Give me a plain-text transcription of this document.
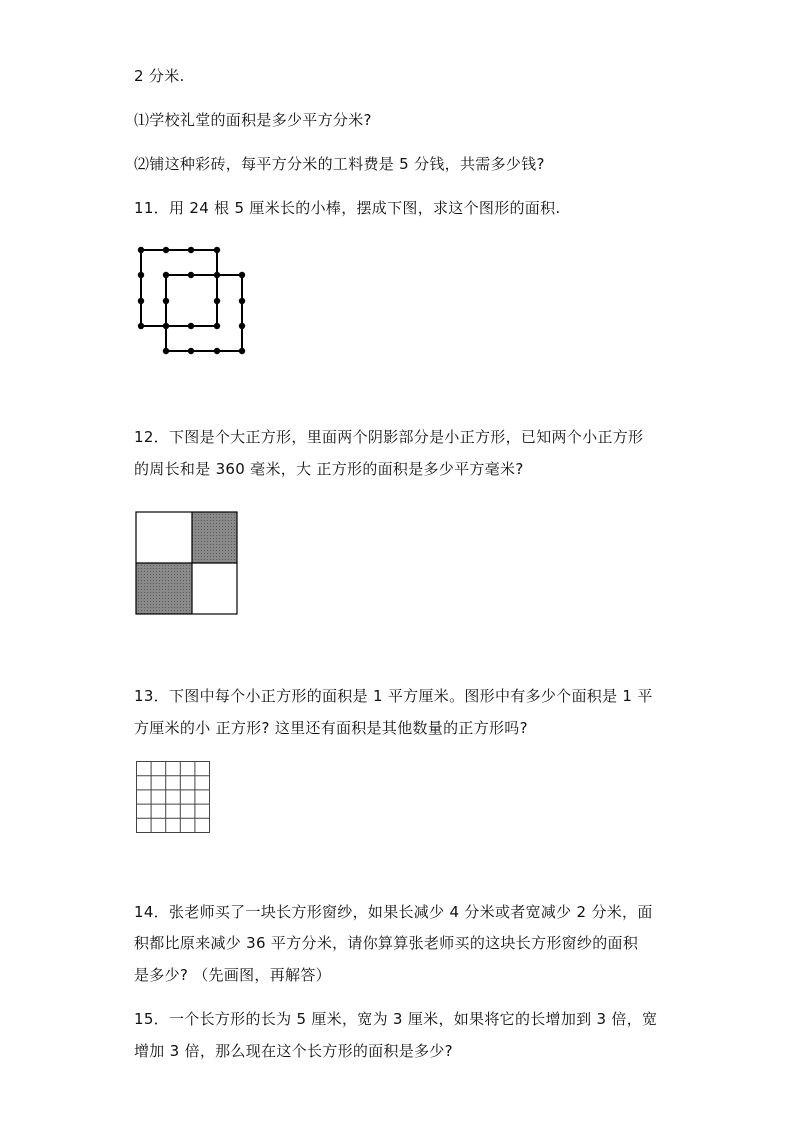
2 分米.
⑴学校礼堂的面积是多少平方分米?
⑵铺这种彩砖，每平方分米的工料费是 5 分钱，共需多少钱?
11．用 24 根 5 厘米长的小棒，摆成下图，求这个图形的面积.
12．下图是个大正方形，里面两个阴影部分是小正方形，已知两个小正方形
的周长和是 360 毫米，大 正方形的面积是多少平方毫米?
13．下图中每个小正方形的面积是 1 平方厘米。图形中有多少个面积是 1 平
方厘米的小 正方形? 这里还有面积是其他数量的正方形吗?
14．张老师买了一块长方形窗纱，如果长减少 4 分米或者宽减少 2 分米，面
积都比原来减少 36 平方分米，请你算算张老师买的这块长方形窗纱的面积
是多少? （先画图，再解答）
15．一个长方形的长为 5 厘米，宽为 3 厘米，如果将它的长增加到 3 倍，宽
增加 3 倍，那么现在这个长方形的面积是多少?
